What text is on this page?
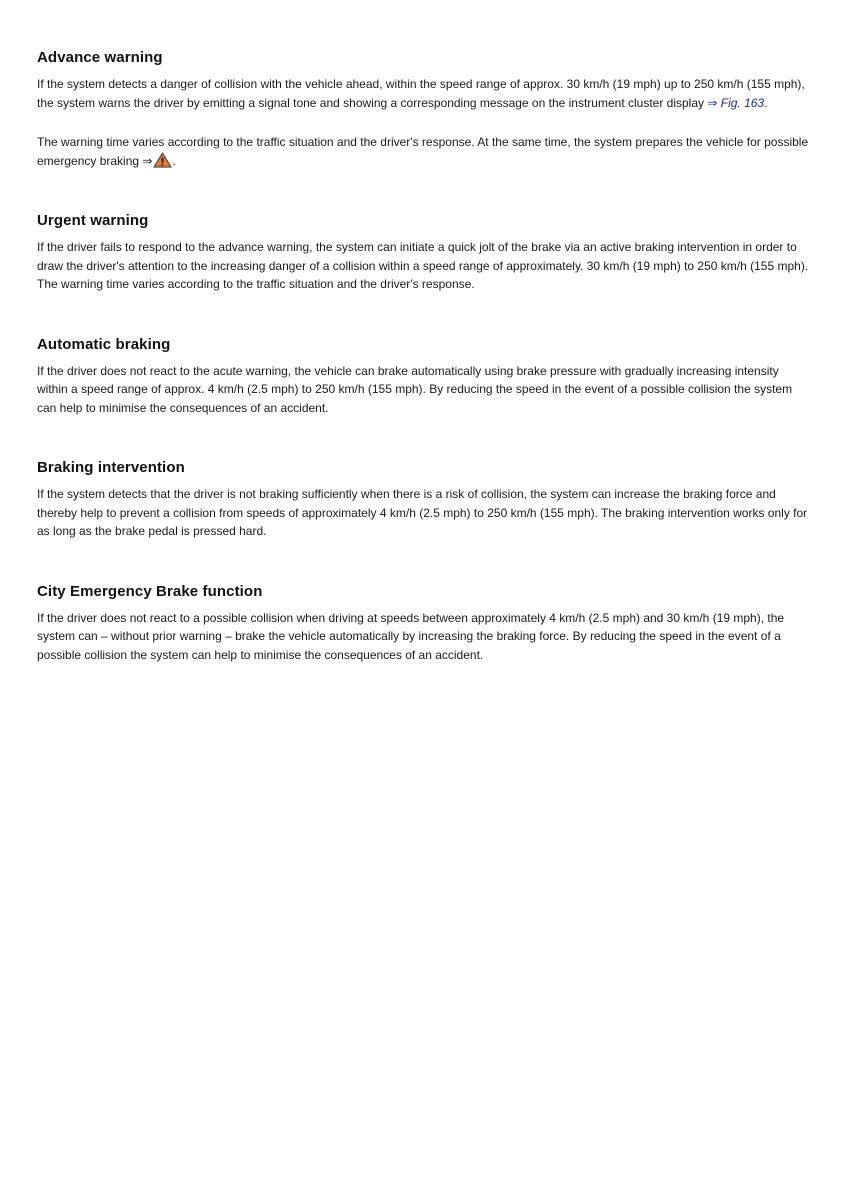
Advance warning

If the system detects a danger of collision with the vehicle ahead, within the speed range of approx. 30 km/h (19 mph) up to 250 km/h (155 mph), the system warns the driver by emitting a signal tone and showing a corresponding message on the instrument cluster display ⇒ Fig. 163.

The warning time varies according to the traffic situation and the driver's response. At the same time, the system prepares the vehicle for possible emergency braking ⇒ .

Urgent warning

If the driver fails to respond to the advance warning, the system can initiate a quick jolt of the brake via an active braking intervention in order to draw the driver's attention to the increasing danger of a collision within a speed range of approximately. 30 km/h (19 mph) to 250 km/h (155 mph). The warning time varies according to the traffic situation and the driver's response.

Automatic braking

If the driver does not react to the acute warning, the vehicle can brake automatically using brake pressure with gradually increasing intensity within a speed range of approx. 4 km/h (2.5 mph) to 250 km/h (155 mph). By reducing the speed in the event of a possible collision the system can help to minimise the consequences of an accident.

Braking intervention

If the system detects that the driver is not braking sufficiently when there is a risk of collision, the system can increase the braking force and thereby help to prevent a collision from speeds of approximately 4 km/h (2.5 mph) to 250 km/h (155 mph). The braking intervention works only for as long as the brake pedal is pressed hard.

City Emergency Brake function

If the driver does not react to a possible collision when driving at speeds between approximately 4 km/h (2.5 mph) and 30 km/h (19 mph), the system can – without prior warning – brake the vehicle automatically by increasing the braking force. By reducing the speed in the event of a possible collision the system can help to minimise the consequences of an accident.
